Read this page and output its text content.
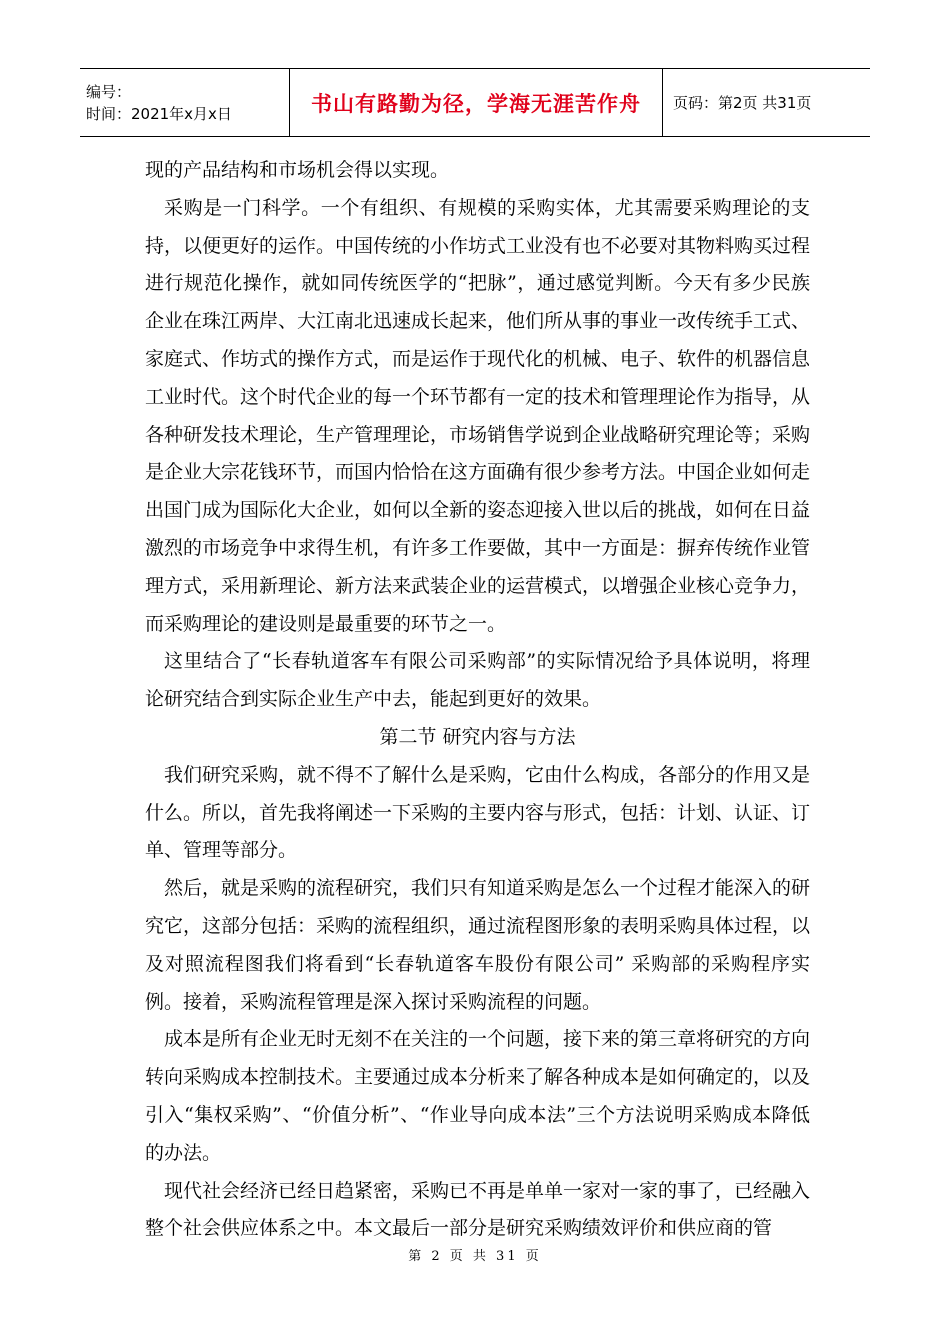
编号：
时间：2021年x月x日	书山有路勤为径，学海无涯苦作舟	页码：第2页 共31页

现的产品结构和市场机会得以实现。

采购是一门科学。一个有组织、有规模的采购实体，尤其需要采购理论的支持，以便更好的运作。中国传统的小作坊式工业没有也不必要对其物料购买过程进行规范化操作，就如同传统医学的“把脉”，通过感觉判断。今天有多少民族企业在珠江两岸、大江南北迅速成长起来，他们所从事的事业一改传统手工式、家庭式、作坊式的操作方式，而是运作于现代化的机械、电子、软件的机器信息工业时代。这个时代企业的每一个环节都有一定的技术和管理理论作为指导，从各种研发技术理论，生产管理理论，市场销售学说到企业战略研究理论等；采购是企业大宗花钱环节，而国内恰恰在这方面确有很少参考方法。中国企业如何走出国门成为国际化大企业，如何以全新的姿态迎接入世以后的挑战，如何在日益激烈的市场竞争中求得生机，有许多工作要做，其中一方面是：摒弃传统作业管理方式，采用新理论、新方法来武装企业的运营模式，以增强企业核心竞争力，而采购理论的建设则是最重要的环节之一。

这里结合了“长春轨道客车有限公司采购部”的实际情况给予具体说明，将理论研究结合到实际企业生产中去，能起到更好的效果。

第二节 研究内容与方法

我们研究采购，就不得不了解什么是采购，它由什么构成，各部分的作用又是什么。所以，首先我将阐述一下采购的主要内容与形式，包括：计划、认证、订单、管理等部分。

然后，就是采购的流程研究，我们只有知道采购是怎么一个过程才能深入的研究它，这部分包括：采购的流程组织，通过流程图形象的表明采购具体过程，以及对照流程图我们将看到“长春轨道客车股份有限公司” 采购部的采购程序实例。接着，采购流程管理是深入探讨采购流程的问题。

成本是所有企业无时无刻不在关注的一个问题，接下来的第三章将研究的方向转向采购成本控制技术。主要通过成本分析来了解各种成本是如何确定的，以及引入“集权采购”、“价值分析”、“作业导向成本法”三个方法说明采购成本降低的办法。

现代社会经济已经日趋紧密，采购已不再是单单一家对一家的事了，已经融入整个社会供应体系之中。本文最后一部分是研究采购绩效评价和供应商的管

第 2 页 共 31 页
